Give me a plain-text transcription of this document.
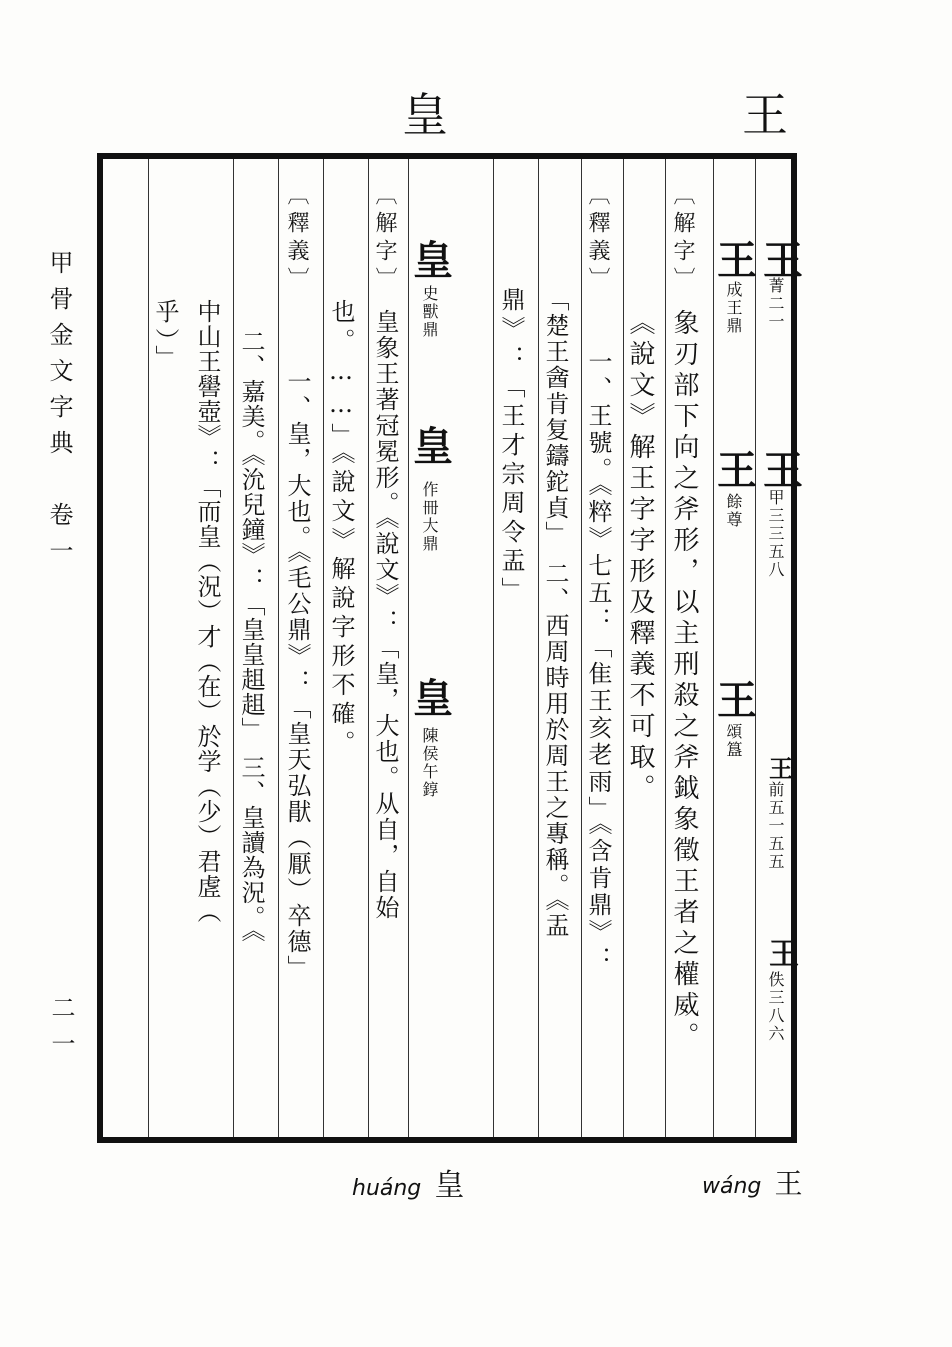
皇	王
甲骨金文字典　卷一
二一
王
菁二一
王
甲三三五八
王
前五一五五
王
佚三八六
王
成王鼎
王
餘尊
王
頌簋
〔解字〕
象刃部下向之斧形，以主刑殺之斧鉞象徵王者之權威。
《說文》解王字字形及釋義不可取。
〔釋義〕
一、王號。《粹》七五：「隹王亥老雨」《含肯鼎》：
「楚王酓肯复鑄鉈貞」　二、西周時用於周王之專稱。《盂
鼎》：「王才宗周令盂」
皇
史獸鼎
皇
作冊大鼎
皇
陳侯午錞
〔解字〕
皇象王著冠冕形。《說文》：「皇，大也。从自，自始
也。……」《說文》解說字形不確。
〔釋義〕
一、皇，大也。《毛公鼎》：「皇天弘猒（厭）卒德」
二、嘉美。《沇兒鐘》：「皇皇趄趄」　三、皇讀為況。《
中山王嚳壺》：「而皇（況）才（在）於学（少）君虗（
乎）」
huáng 皇	wáng 王
